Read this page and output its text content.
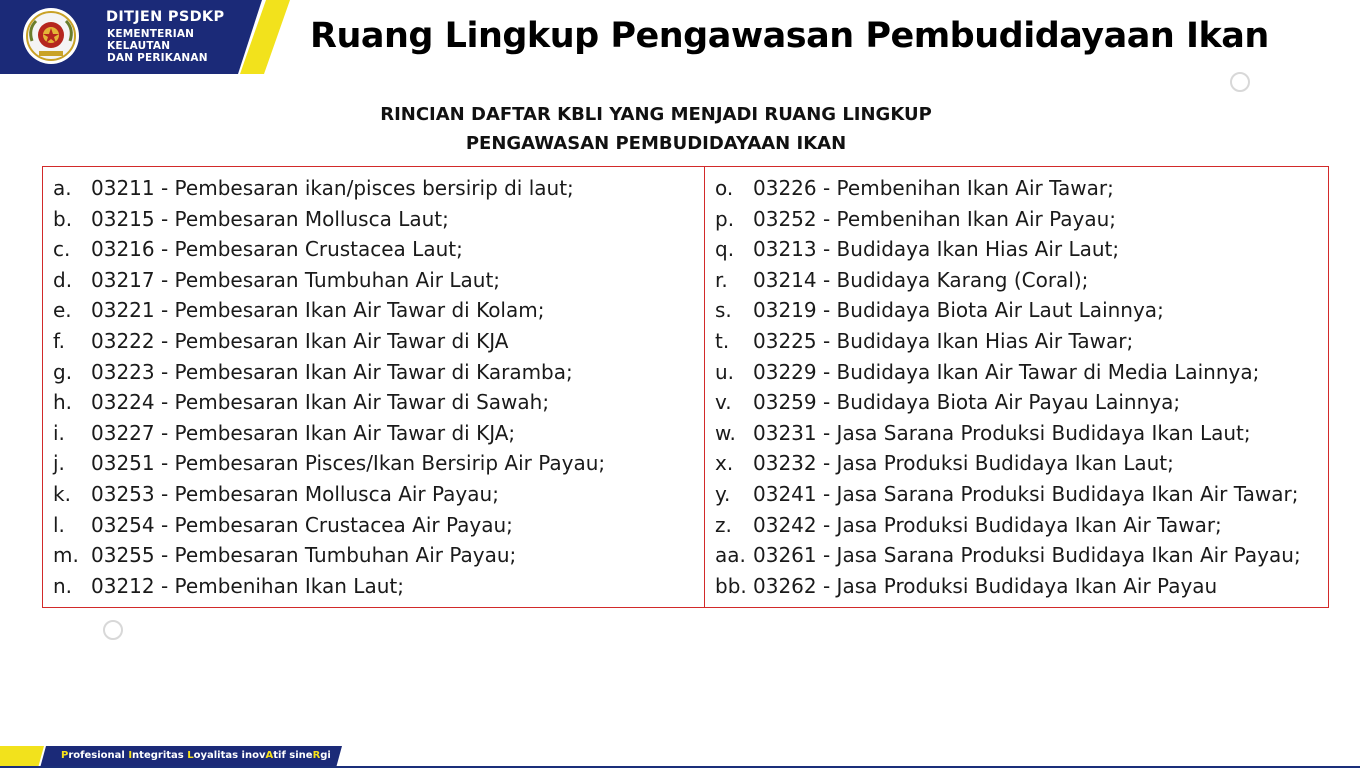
DITJEN PSDKP
KEMENTERIAN
KELAUTAN
DAN PERIKANAN
Ruang Lingkup Pengawasan Pembudidayaan Ikan
RINCIAN DAFTAR KBLI YANG MENJADI RUANG LINGKUP
PENGAWASAN PEMBUDIDAYAAN IKAN
a. 03211 - Pembesaran ikan/pisces bersirip di laut;
b. 03215 - Pembesaran Mollusca Laut;
c. 03216 - Pembesaran Crustacea Laut;
d. 03217 - Pembesaran Tumbuhan Air Laut;
e. 03221 - Pembesaran Ikan Air Tawar di Kolam;
f. 03222 - Pembesaran Ikan Air Tawar di KJA
g. 03223 - Pembesaran Ikan Air Tawar di Karamba;
h. 03224 - Pembesaran Ikan Air Tawar di Sawah;
i. 03227 - Pembesaran Ikan Air Tawar di KJA;
j. 03251 - Pembesaran Pisces/Ikan Bersirip Air Payau;
k. 03253 - Pembesaran Mollusca Air Payau;
l. 03254 - Pembesaran Crustacea Air Payau;
m. 03255 - Pembesaran Tumbuhan Air Payau;
n. 03212 - Pembenihan Ikan Laut;
o. 03226 - Pembenihan Ikan Air Tawar;
p. 03252 - Pembenihan Ikan Air Payau;
q. 03213 - Budidaya Ikan Hias Air Laut;
r. 03214 - Budidaya Karang (Coral);
s. 03219 - Budidaya Biota Air Laut Lainnya;
t. 03225 - Budidaya Ikan Hias Air Tawar;
u. 03229 - Budidaya Ikan Air Tawar di Media Lainnya;
v. 03259 - Budidaya Biota Air Payau Lainnya;
w. 03231 - Jasa Sarana Produksi Budidaya Ikan Laut;
x. 03232 - Jasa Produksi Budidaya Ikan Laut;
y. 03241 - Jasa Sarana Produksi Budidaya Ikan Air Tawar;
z. 03242 - Jasa Produksi Budidaya Ikan Air Tawar;
aa. 03261 - Jasa Sarana Produksi Budidaya Ikan Air Payau;
bb. 03262 - Jasa Produksi Budidaya Ikan Air Payau
Profesional Integritas Loyalitas inovAtif sineRgi
